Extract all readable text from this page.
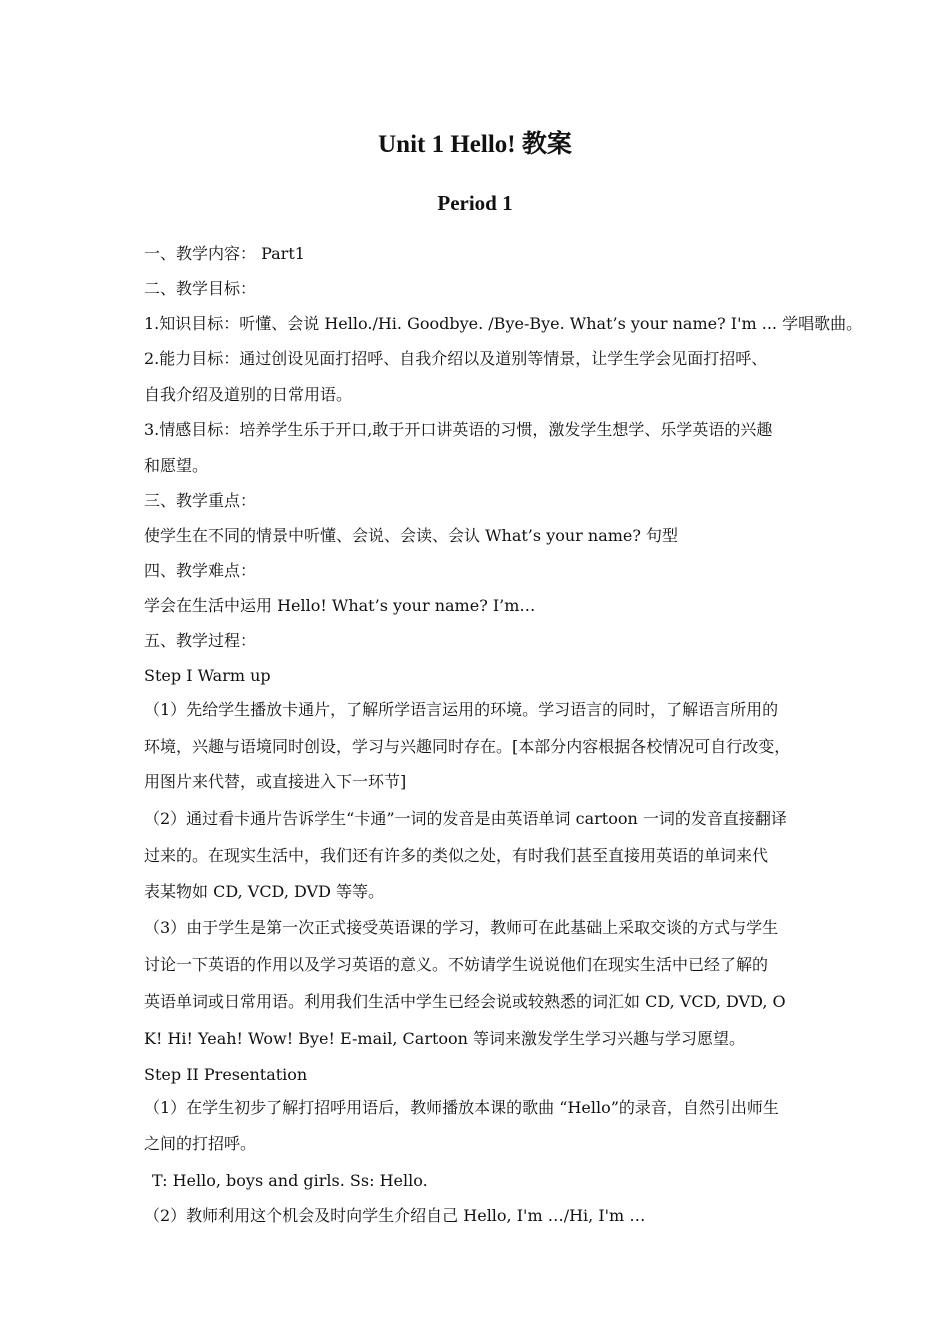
Unit 1 Hello! 教案
Period 1

一、教学内容： Part1

二、教学目标：

1.知识目标：听懂、会说 Hello./Hi. Goodbye. /Bye-Bye. What’s your name? I'm ... 学唱歌曲。

2.能力目标：通过创设见面打招呼、自我介绍以及道别等情景，让学生学会见面打招呼、

自我介绍及道别的日常用语。

3.情感目标：培养学生乐于开口,敢于开口讲英语的习惯，激发学生想学、乐学英语的兴趣

和愿望。

三、教学重点：

使学生在不同的情景中听懂、会说、会读、会认 What’s your name? 句型

四、教学难点：

学会在生活中运用 Hello! What’s your name? I’m…

五、教学过程：

Step I Warm up

（1）先给学生播放卡通片，了解所学语言运用的环境。学习语言的同时，了解语言所用的

环境，兴趣与语境同时创设，学习与兴趣同时存在。[本部分内容根据各校情况可自行改变，

用图片来代替，或直接进入下一环节]

（2）通过看卡通片告诉学生“卡通”一词的发音是由英语单词 cartoon 一词的发音直接翻译

过来的。在现实生活中，我们还有许多的类似之处，有时我们甚至直接用英语的单词来代

表某物如 CD, VCD, DVD 等等。

（3）由于学生是第一次正式接受英语课的学习，教师可在此基础上采取交谈的方式与学生

讨论一下英语的作用以及学习英语的意义。不妨请学生说说他们在现实生活中已经了解的

英语单词或日常用语。利用我们生活中学生已经会说或较熟悉的词汇如 CD, VCD, DVD, O

K! Hi! Yeah! Wow! Bye! E-mail, Cartoon 等词来激发学生学习兴趣与学习愿望。

Step II Presentation

（1）在学生初步了解打招呼用语后，教师播放本课的歌曲 “Hello”的录音，自然引出师生

之间的打招呼。

T: Hello, boys and girls. Ss: Hello.

（2）教师利用这个机会及时向学生介绍自己 Hello, I'm …/Hi, I'm …
